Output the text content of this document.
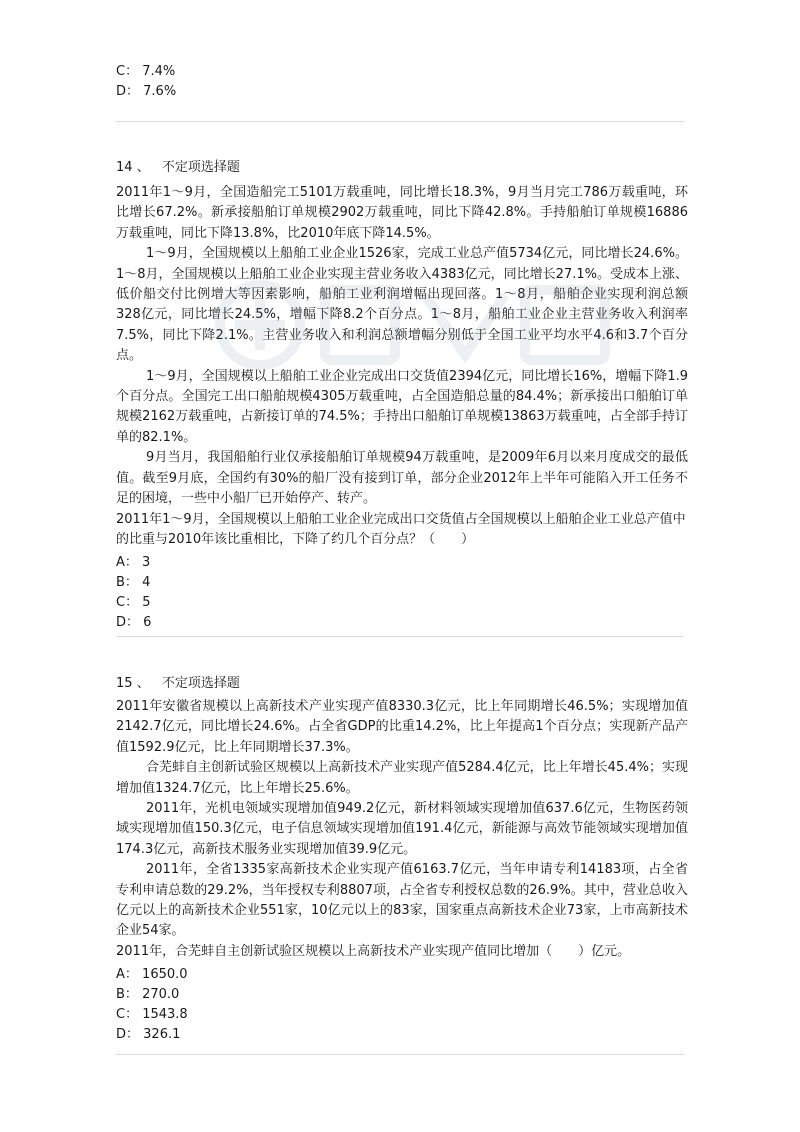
C： 7.4%
D： 7.6%
14 、 不定项选择题

2011年1～9月，全国造船完工5101万载重吨，同比增长18.3%，9月当月完工786万载重吨，环比增长67.2%。新承接船舶订单规模2902万载重吨，同比下降42.8%。手持船舶订单规模16886万载重吨，同比下降13.8%，比2010年底下降14.5%。

1～9月，全国规模以上船舶工业企业1526家，完成工业总产值5734亿元，同比增长24.6%。1～8月，全国规模以上船舶工业企业实现主营业务收入4383亿元，同比增长27.1%。受成本上涨、低价船交付比例增大等因素影响，船舶工业利润增幅出现回落。1～8月，船舶企业实现利润总额328亿元，同比增长24.5%，增幅下降8.2个百分点。1～8月，船舶工业企业主营业务收入利润率7.5%，同比下降2.1%。主营业务收入和利润总额增幅分别低于全国工业平均水平4.6和3.7个百分点。

1～9月，全国规模以上船舶工业企业完成出口交货值2394亿元，同比增长16%，增幅下降1.9个百分点。全国完工出口船舶规模4305万载重吨，占全国造船总量的84.4%；新承接出口船舶订单规模2162万载重吨，占新接订单的74.5%；手持出口船舶订单规模13863万载重吨，占全部手持订单的82.1%。

9月当月，我国船舶行业仅承接船舶订单规模94万载重吨，是2009年6月以来月度成交的最低值。截至9月底，全国约有30%的船厂没有接到订单，部分企业2012年上半年可能陷入开工任务不足的困境，一些中小船厂已开始停产、转产。

2011年1～9月，全国规模以上船舶工业企业完成出口交货值占全国规模以上船舶企业工业总产值中的比重与2010年该比重相比，下降了约几个百分点？（　　）

A： 3
B： 4
C： 5
D： 6
15 、 不定项选择题

2011年安徽省规模以上高新技术产业实现产值8330.3亿元，比上年同期增长46.5%；实现增加值2142.7亿元，同比增长24.6%。占全省GDP的比重14.2%，比上年提高1个百分点；实现新产品产值1592.9亿元，比上年同期增长37.3%。

合芜蚌自主创新试验区规模以上高新技术产业实现产值5284.4亿元，比上年增长45.4%；实现增加值1324.7亿元，比上年增长25.6%。

2011年，光机电领域实现增加值949.2亿元，新材料领域实现增加值637.6亿元，生物医药领域实现增加值150.3亿元，电子信息领域实现增加值191.4亿元，新能源与高效节能领域实现增加值174.3亿元，高新技术服务业实现增加值39.9亿元。

2011年，全省1335家高新技术企业实现产值6163.7亿元，当年申请专利14183项，占全省专利申请总数的29.2%，当年授权专利8807项，占全省专利授权总数的26.9%。其中，营业总收入亿元以上的高新技术企业551家，10亿元以上的83家，国家重点高新技术企业73家，上市高新技术企业54家。

2011年，合芜蚌自主创新试验区规模以上高新技术产业实现产值同比增加（　　）亿元。

A： 1650.0
B： 270.0
C： 1543.8
D： 326.1
